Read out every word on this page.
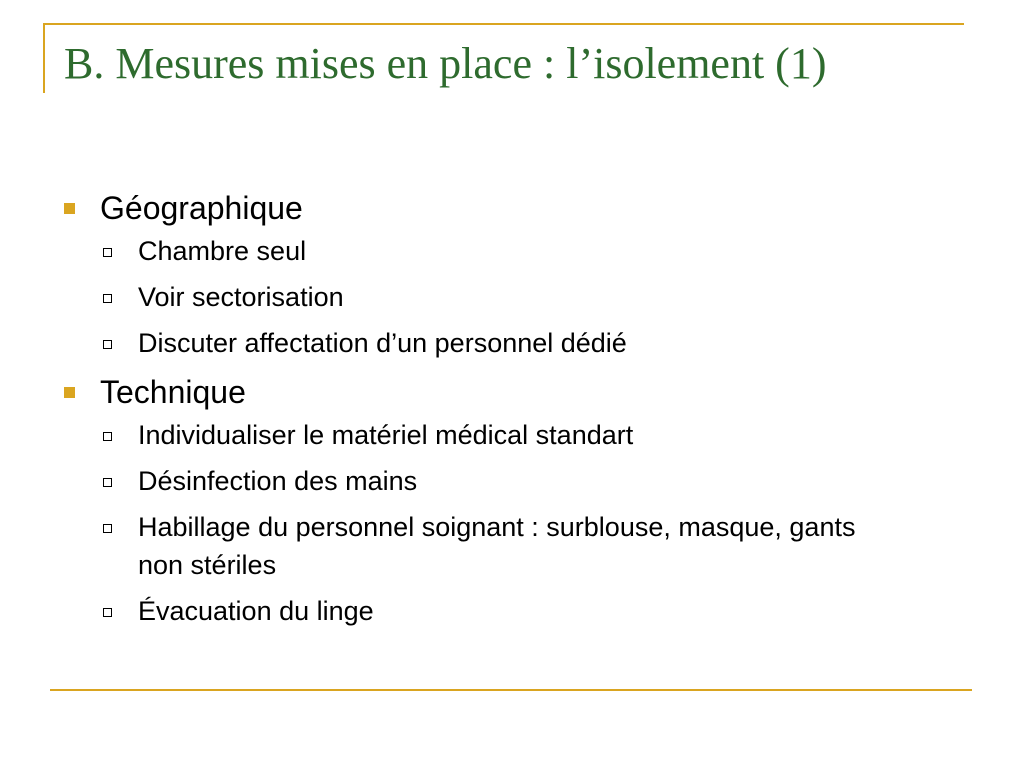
B. Mesures mises en place : l’isolement (1)

Géographique

Chambre seul
Voir sectorisation
Discuter affectation d’un personnel dédié

Technique

Individualiser le matériel médical standart
Désinfection des mains
Habillage du personnel soignant : surblouse, masque, gants non stériles
Évacuation du linge
